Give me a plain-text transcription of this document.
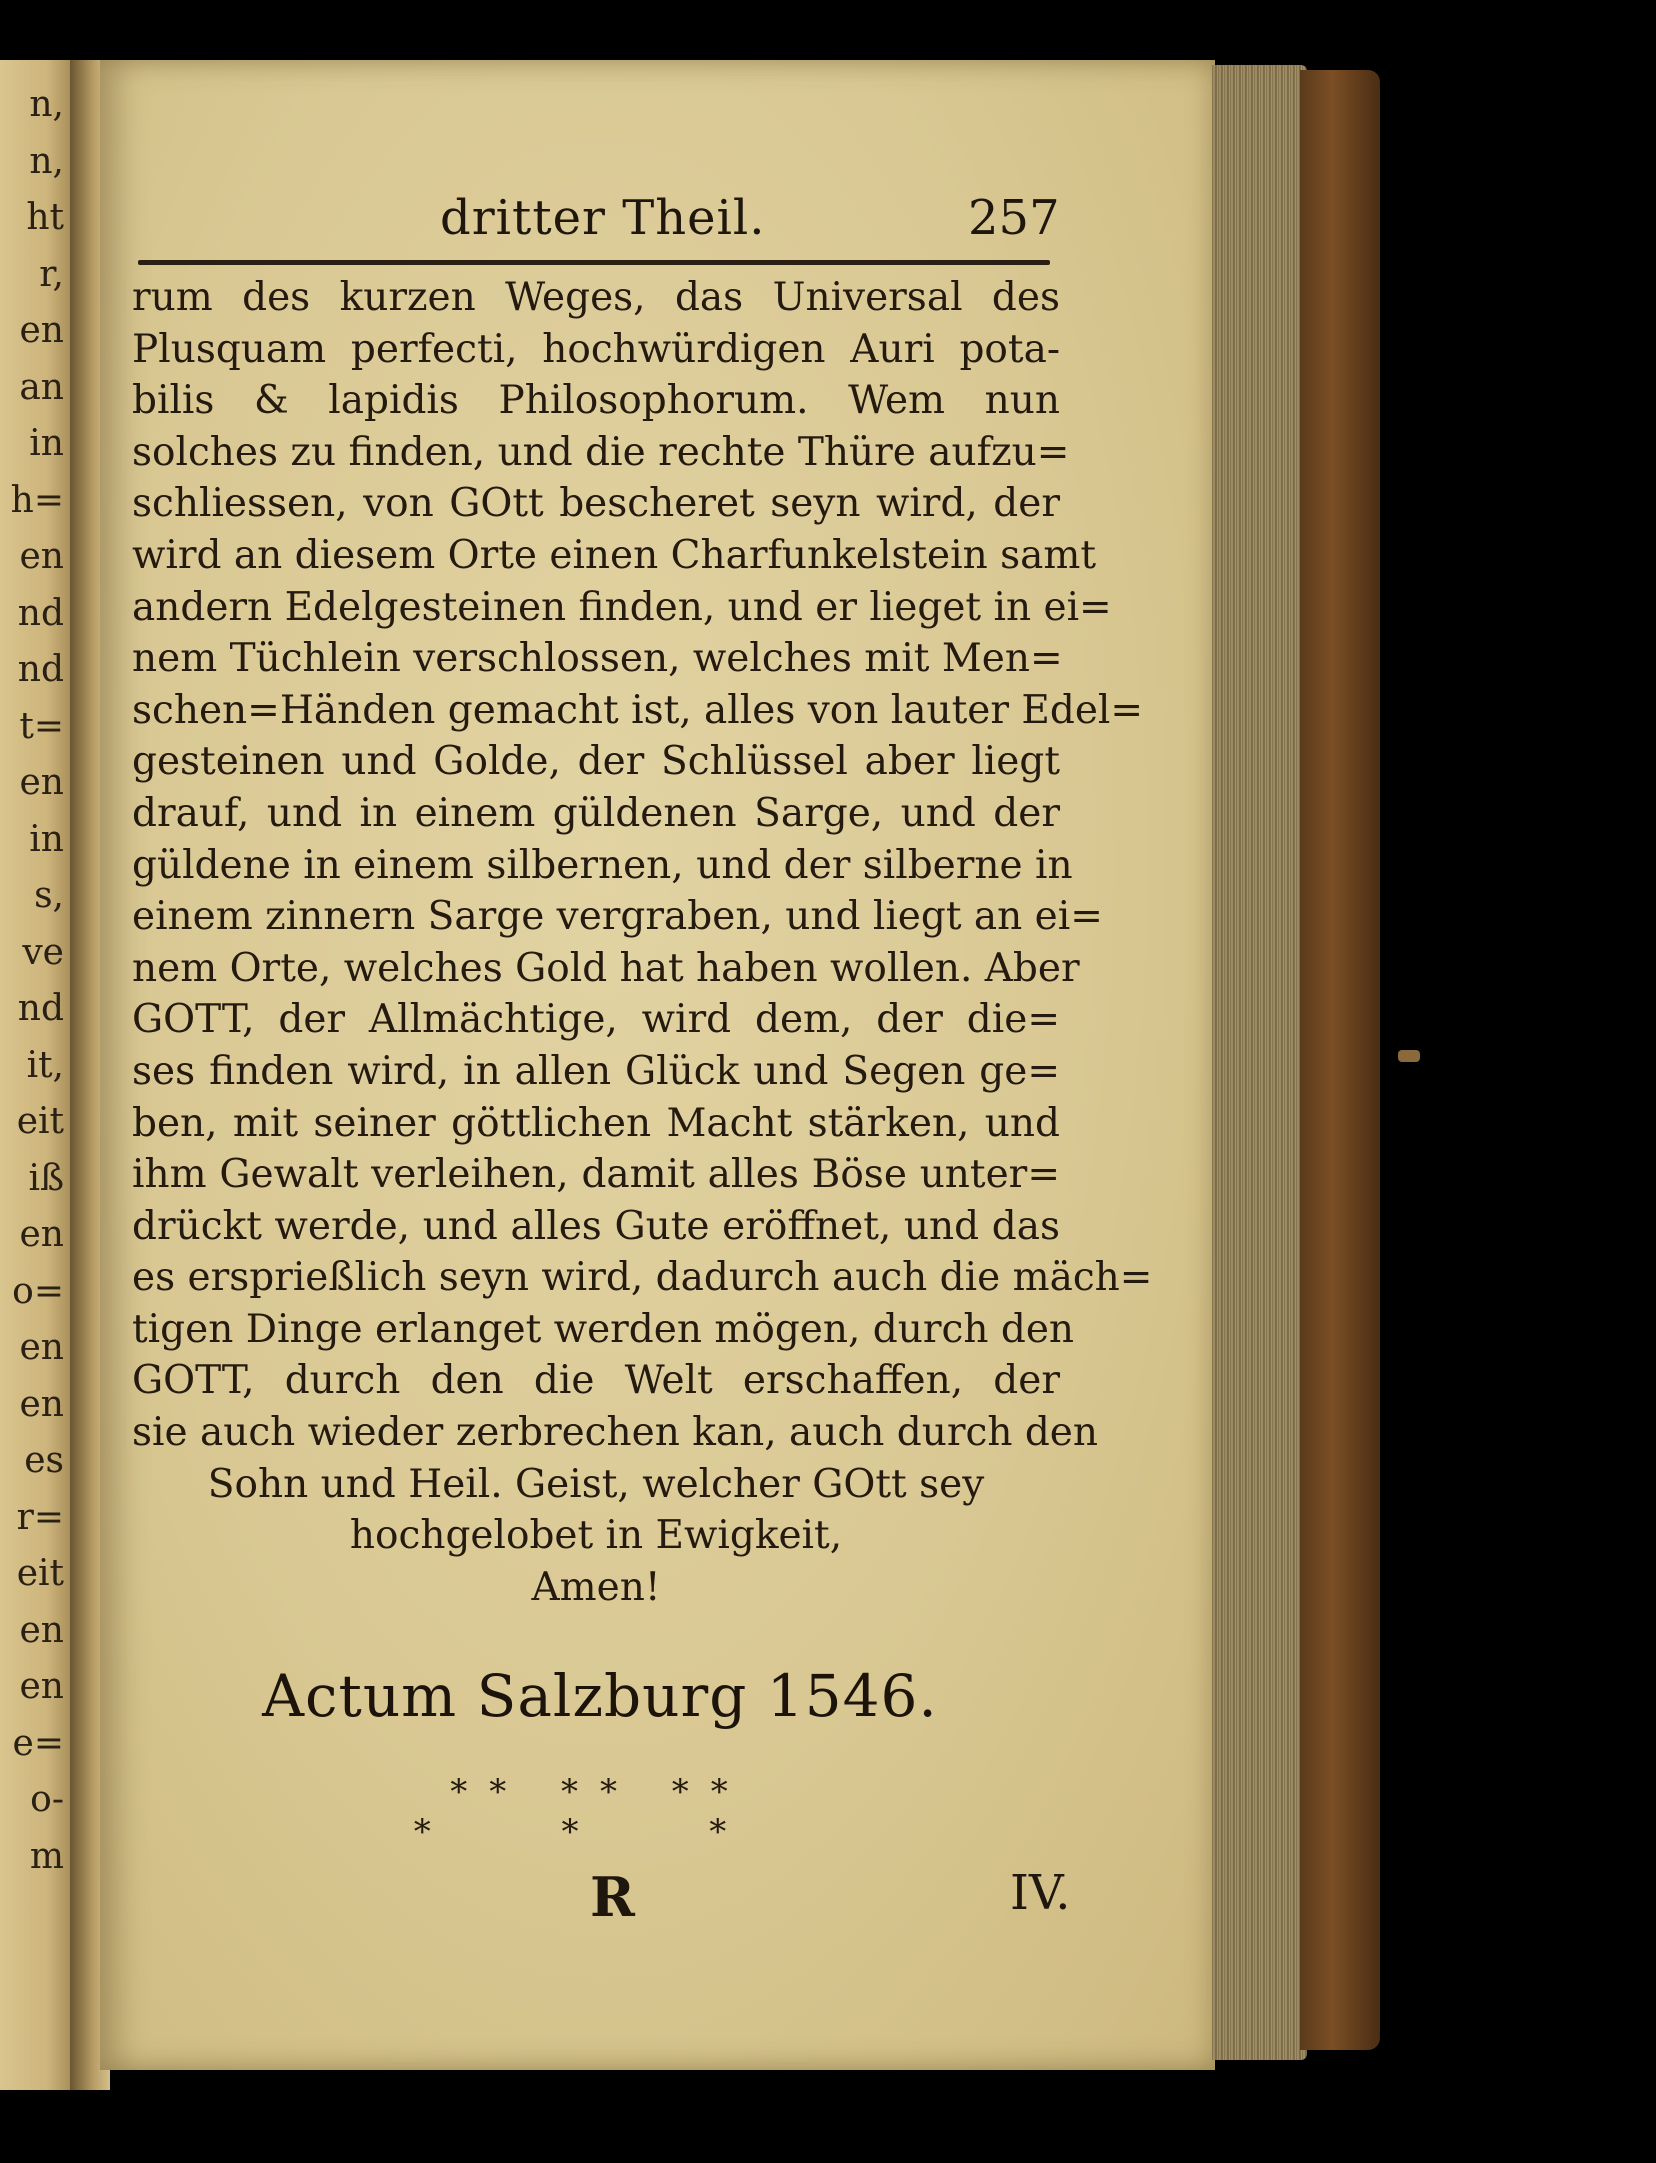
n,
n,
ht
r,
en
an
in
h=
en
nd
nd
t=
en
in
s,
ve
nd
it,
eit
iß
en
o=
en
en
es
r=
eit
en
en
e=
o-
m
dritter Theil.	257
rum des kurzen Weges, das Universal des
Plusquam perfecti, hochwürdigen Auri pota-
bilis & lapidis Philosophorum. Wem nun
solches zu finden, und die rechte Thüre aufzu=
schliessen, von GOtt bescheret seyn wird, der
wird an diesem Orte einen Charfunkelstein samt
andern Edelgesteinen finden, und er lieget in ei=
nem Tüchlein verschlossen, welches mit Men=
schen=Händen gemacht ist, alles von lauter Edel=
gesteinen und Golde, der Schlüssel aber liegt
drauf, und in einem güldenen Sarge, und der
güldene in einem silbernen, und der silberne in
einem zinnern Sarge vergraben, und liegt an ei=
nem Orte, welches Gold hat haben wollen. Aber
GOTT, der Allmächtige, wird dem, der die=
ses finden wird, in allen Glück und Segen ge=
ben, mit seiner göttlichen Macht stärken, und
ihm Gewalt verleihen, damit alles Böse unter=
drückt werde, und alles Gute eröffnet, und das
es ersprießlich seyn wird, dadurch auch die mäch=
tigen Dinge erlanget werden mögen, durch den
GOTT, durch den die Welt erschaffen, der
sie auch wieder zerbrechen kan, auch durch den
Sohn und Heil. Geist, welcher GOtt sey
hochgelobet in Ewigkeit,
Amen!
Actum Salzburg 1546.
** ** **
* * *
R	IV.
